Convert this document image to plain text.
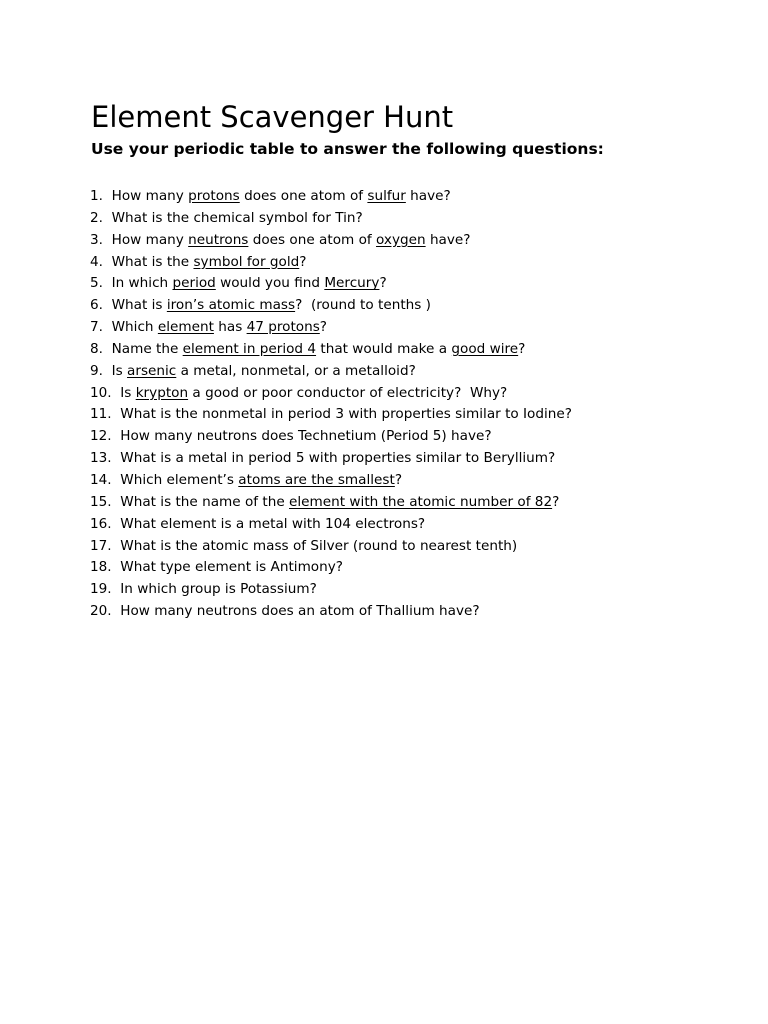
Element Scavenger Hunt
Use your periodic table to answer the following questions:
1.  How many protons does one atom of sulfur have?
2.  What is the chemical symbol for Tin?
3.  How many neutrons does one atom of oxygen have?
4.  What is the symbol for gold?
5.  In which period would you find Mercury?
6.  What is iron’s atomic mass?  (round to tenths )
7.  Which element has 47 protons?
8.  Name the element in period 4 that would make a good wire?
9.  Is arsenic a metal, nonmetal, or a metalloid?
10.  Is krypton a good or poor conductor of electricity?  Why?
11.  What is the nonmetal in period 3 with properties similar to Iodine?
12.  How many neutrons does Technetium (Period 5) have?
13.  What is a metal in period 5 with properties similar to Beryllium?
14.  Which element’s atoms are the smallest?
15.  What is the name of the element with the atomic number of 82?
16.  What element is a metal with 104 electrons?
17.  What is the atomic mass of Silver (round to nearest tenth)
18.  What type element is Antimony?
19.  In which group is Potassium?
20.  How many neutrons does an atom of Thallium have?
